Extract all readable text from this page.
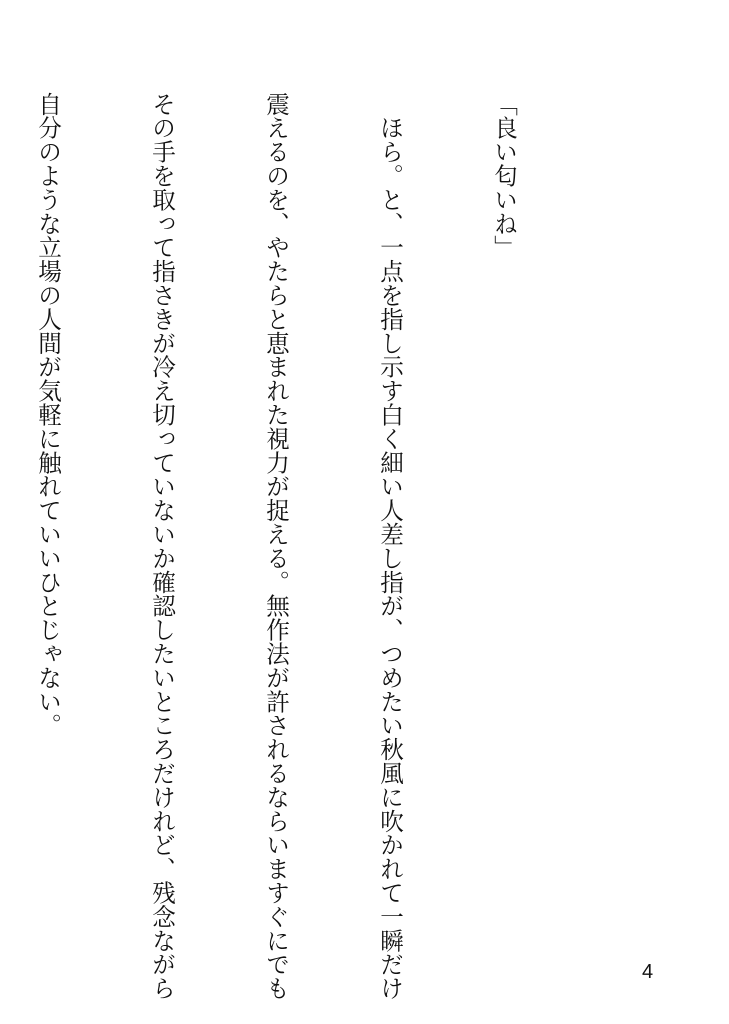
「良い匂いね」

　ほら。と、一点を指し示す白く細い人差し指が、つめたい秋風に吹かれて一瞬だけ

震えるのを、やたらと恵まれた視力が捉える。無作法が許されるならいますぐにでも

その手を取って指さきが冷え切っていないか確認したいところだけれど、残念ながら

自分のような立場の人間が気軽に触れていいひとじゃない。

4
